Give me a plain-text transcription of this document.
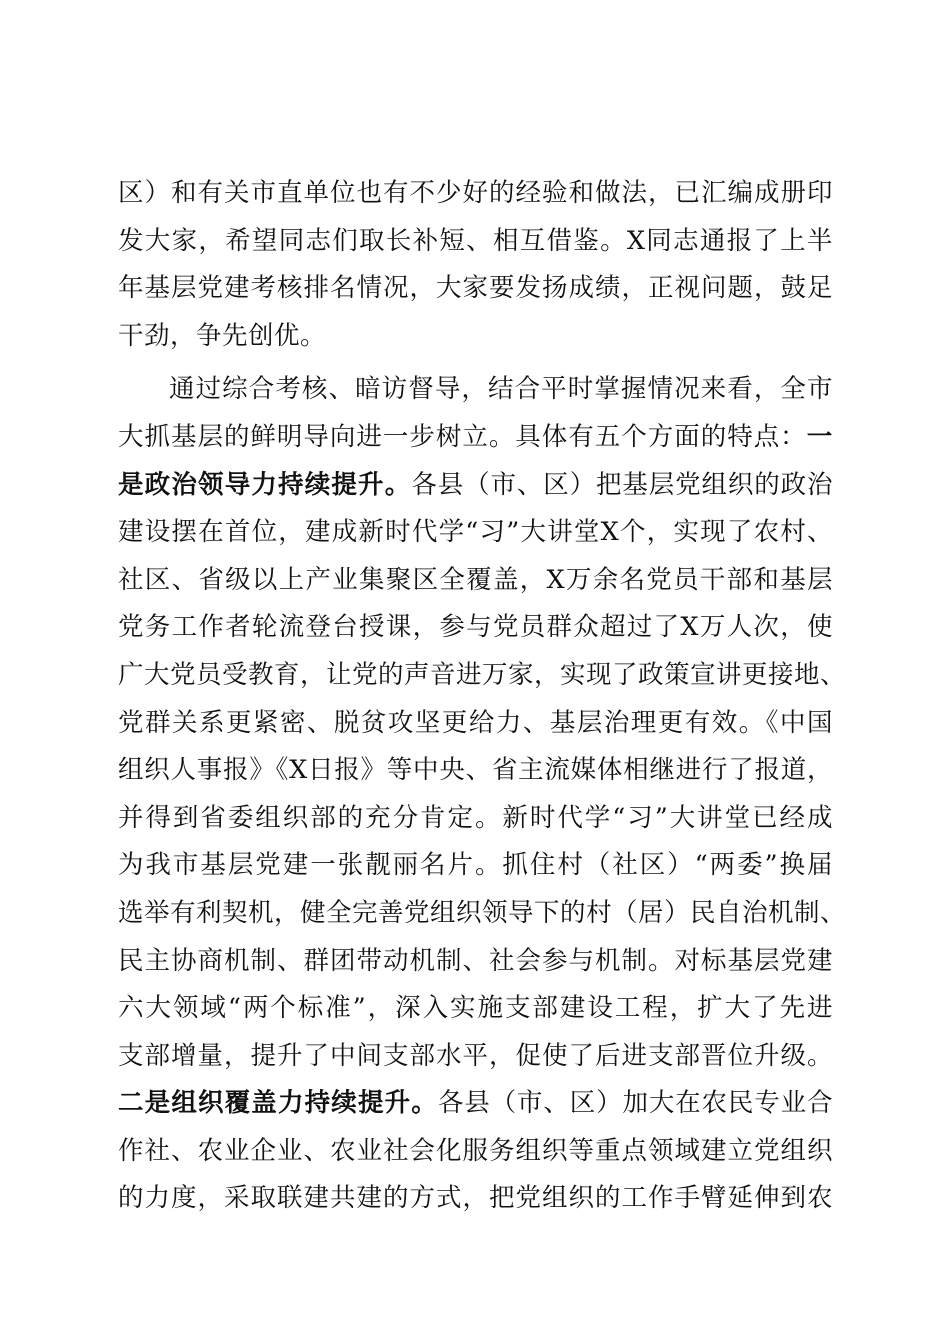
区）和有关市直单位也有不少好的经验和做法，已汇编成册印
发大家，希望同志们取长补短、相互借鉴。X同志通报了上半
年基层党建考核排名情况，大家要发扬成绩，正视问题，鼓足
干劲，争先创优。
通过综合考核、暗访督导，结合平时掌握情况来看，全市
大抓基层的鲜明导向进一步树立。具体有五个方面的特点：一
是政治领导力持续提升。各县（市、区）把基层党组织的政治
建设摆在首位，建成新时代学“习”大讲堂X个，实现了农村、
社区、省级以上产业集聚区全覆盖，X万余名党员干部和基层
党务工作者轮流登台授课，参与党员群众超过了X万人次，使
广大党员受教育，让党的声音进万家，实现了政策宣讲更接地、
党群关系更紧密、脱贫攻坚更给力、基层治理更有效。《中国
组织人事报》《X日报》等中央、省主流媒体相继进行了报道，
并得到省委组织部的充分肯定。新时代学“习”大讲堂已经成
为我市基层党建一张靓丽名片。抓住村（社区）“两委”换届
选举有利契机，健全完善党组织领导下的村（居）民自治机制、
民主协商机制、群团带动机制、社会参与机制。对标基层党建
六大领域“两个标准”，深入实施支部建设工程，扩大了先进
支部增量，提升了中间支部水平，促使了后进支部晋位升级。
二是组织覆盖力持续提升。各县（市、区）加大在农民专业合
作社、农业企业、农业社会化服务组织等重点领域建立党组织
的力度，采取联建共建的方式，把党组织的工作手臂延伸到农
